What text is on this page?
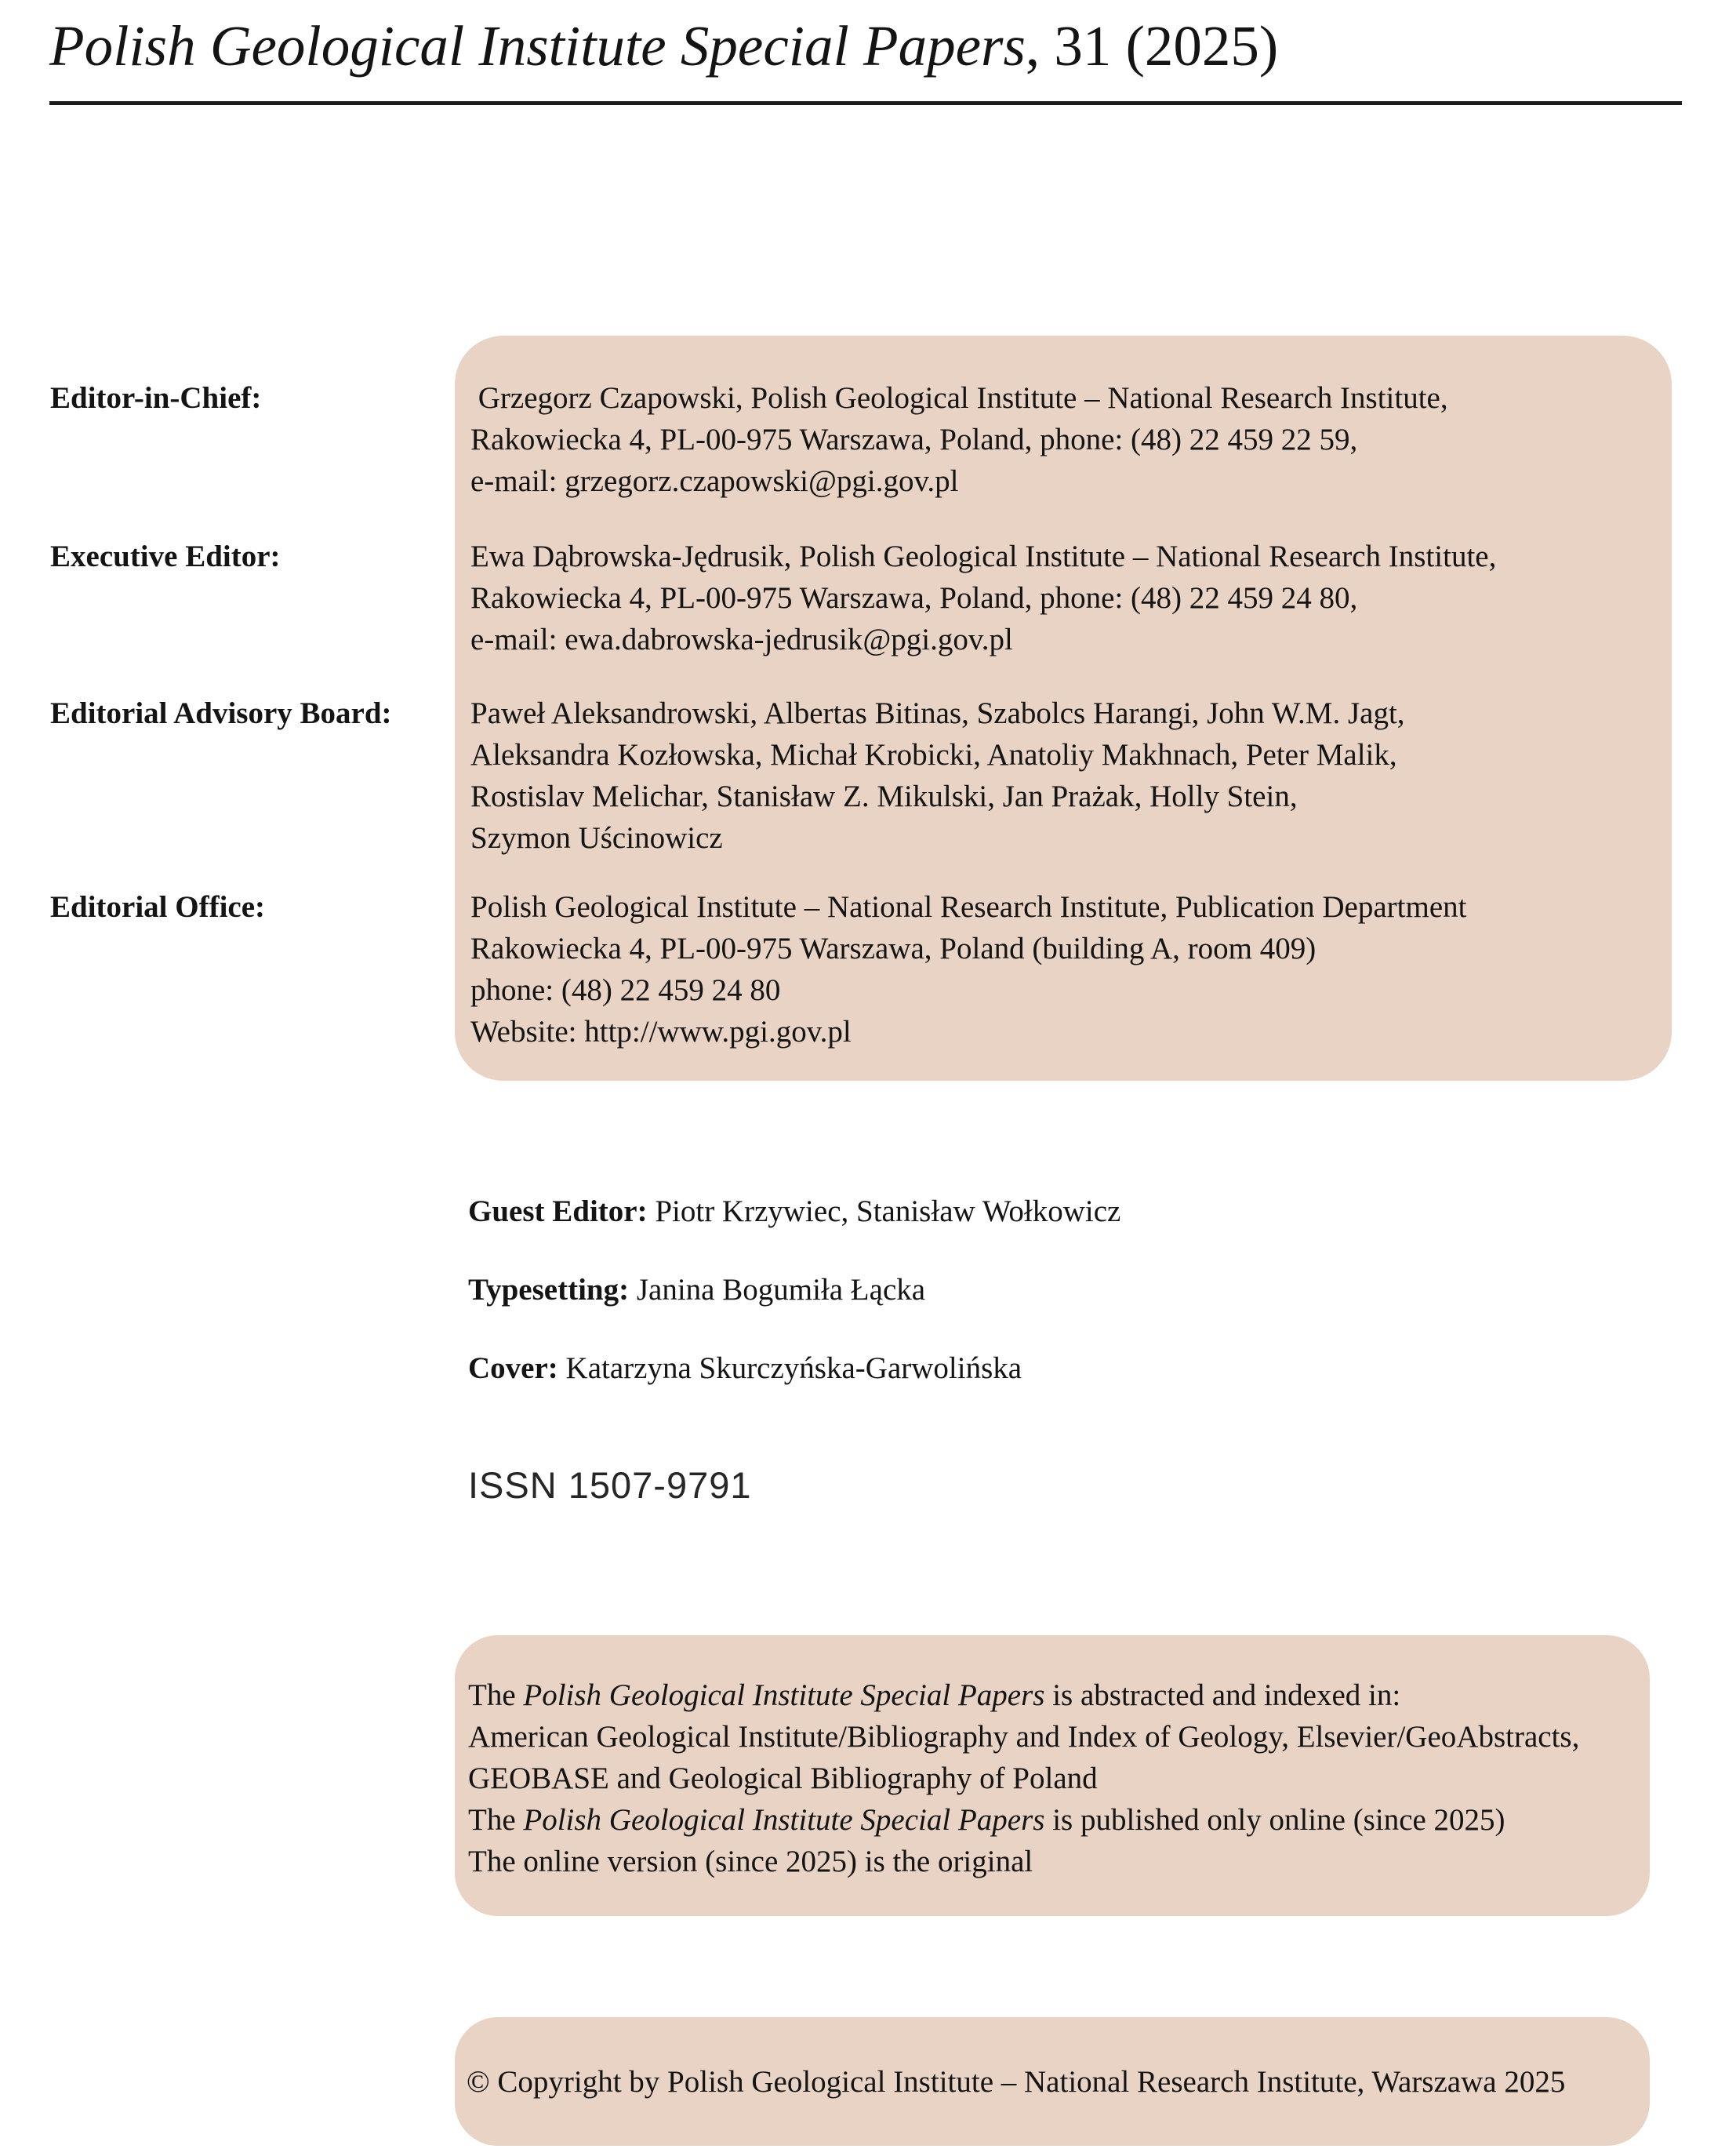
Polish Geological Institute Special Papers, 31 (2025)
Editor-in-Chief:	Grzegorz Czapowski, Polish Geological Institute – National Research Institute,
Rakowiecka 4, PL-00-975 Warszawa, Poland, phone: (48) 22 459 22 59,
e-mail: grzegorz.czapowski@pgi.gov.pl
Executive Editor:	Ewa Dąbrowska-Jędrusik, Polish Geological Institute – National Research Institute,
Rakowiecka 4, PL-00-975 Warszawa, Poland, phone: (48) 22 459 24 80,
e-mail: ewa.dabrowska-jedrusik@pgi.gov.pl
Editorial Advisory Board:	Paweł Aleksandrowski, Albertas Bitinas, Szabolcs Harangi, John W.M. Jagt,
Aleksandra Kozłowska, Michał Krobicki, Anatoliy Makhnach, Peter Malik,
Rostislav Melichar, Stanisław Z. Mikulski, Jan Prażak, Holly Stein,
Szymon Uścinowicz
Editorial Office:	Polish Geological Institute – National Research Institute, Publication Department
Rakowiecka 4, PL-00-975 Warszawa, Poland (building A, room 409)
phone: (48) 22 459 24 80
Website: http://www.pgi.gov.pl
Guest Editor: Piotr Krzywiec, Stanisław Wołkowicz
Typesetting: Janina Bogumiła Łącka
Cover: Katarzyna Skurczyńska-Garwolińska
ISSN 1507-9791
The Polish Geological Institute Special Papers is abstracted and indexed in:
American Geological Institute/Bibliography and Index of Geology, Elsevier/GeoAbstracts,
GEOBASE and Geological Bibliography of Poland
The Polish Geological Institute Special Papers is published only online (since 2025)
The online version (since 2025) is the original
© Copyright by Polish Geological Institute – National Research Institute, Warszawa 2025
